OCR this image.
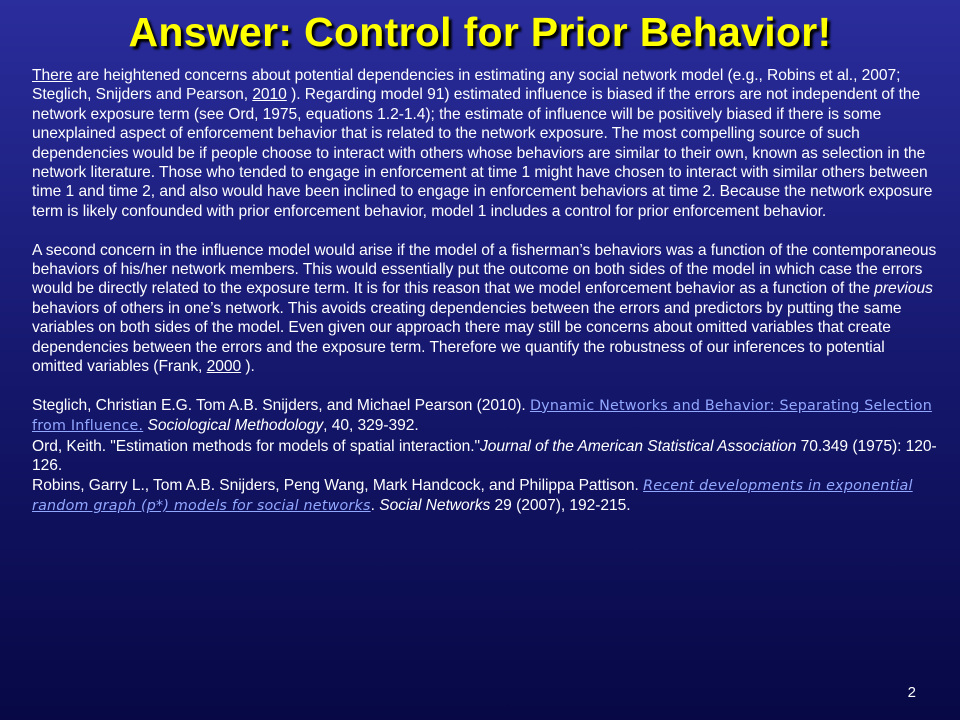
Answer: Control for Prior Behavior!

There are heightened concerns about potential dependencies in estimating any social network model (e.g., Robins et al., 2007; Steglich, Snijders and Pearson, 2010 ). Regarding model 91) estimated influence is biased if the errors are not independent of the network exposure term (see Ord, 1975, equations 1.2-1.4); the estimate of influence will be positively biased if there is some unexplained aspect of enforcement behavior that is related to the network exposure. The most compelling source of such dependencies would be if people choose to interact with others whose behaviors are similar to their own, known as selection in the network literature. Those who tended to engage in enforcement at time 1 might have chosen to interact with similar others between time 1 and time 2, and also would have been inclined to engage in enforcement behaviors at time 2. Because the network exposure term is likely confounded with prior enforcement behavior, model 1 includes a control for prior enforcement behavior.

A second concern in the influence model would arise if the model of a fisherman’s behaviors was a function of the contemporaneous behaviors of his/her network members. This would essentially put the outcome on both sides of the model in which case the errors would be directly related to the exposure term. It is for this reason that we model enforcement behavior as a function of the previous behaviors of others in one’s network. This avoids creating dependencies between the errors and predictors by putting the same variables on both sides of the model. Even given our approach there may still be concerns about omitted variables that create dependencies between the errors and the exposure term. Therefore we quantify the robustness of our inferences to potential omitted variables (Frank, 2000 ).

Steglich, Christian E.G. Tom A.B. Snijders, and Michael Pearson (2010). Dynamic Networks and Behavior: Separating Selection from Influence. Sociological Methodology, 40, 329-392.

Ord, Keith. "Estimation methods for models of spatial interaction."Journal of the American Statistical Association 70.349 (1975): 120-126.

Robins, Garry L., Tom A.B. Snijders, Peng Wang, Mark Handcock, and Philippa Pattison. Recent developments in exponential random graph (p*) models for social networks. Social Networks 29 (2007), 192-215.

2
